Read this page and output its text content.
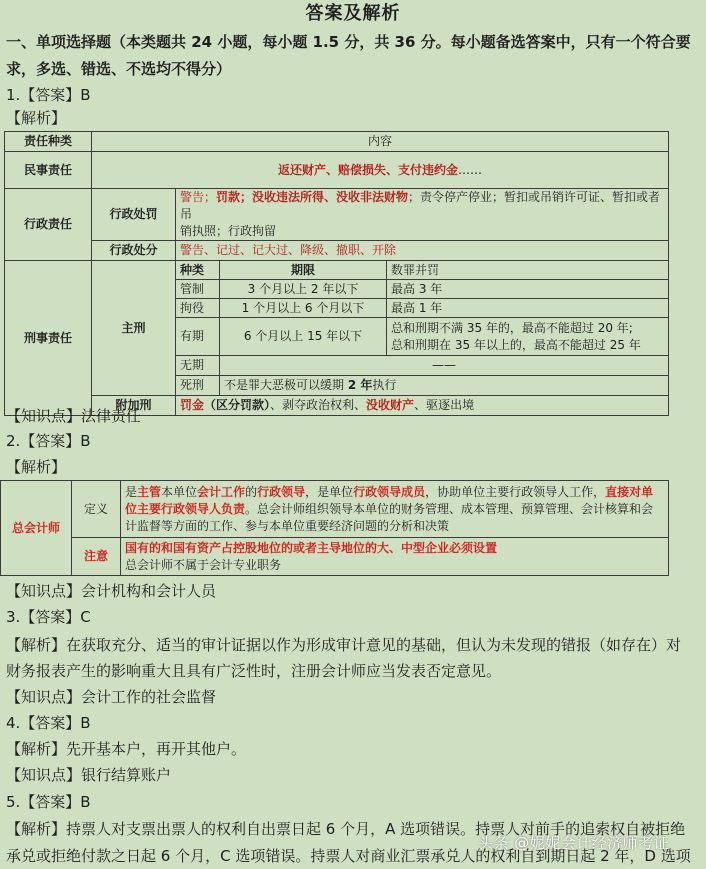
答案及解析
一、单项选择题（本类题共 24 小题，每小题 1.5 分，共 36 分。每小题备选答案中，只有一个符合要
求，多选、错选、不选均不得分）
1.【答案】B
【解析】
责任种类	内容			
民事责任	返还财产、赔偿损失、支付违约金……			
行政责任	行政处罚	警告；罚款；没收违法所得、没收非法财物；责令停产停业；暂扣或吊销许可证、暂扣或者吊
销执照；行政拘留		
	行政处分	警告、记过、记大过、降级、撤职、开除		
刑事责任	主刑	种类	期限	数罪并罚
		管制	3 个月以上 2 年以下	最高 3 年
		拘役	1 个月以上 6 个月以下	最高 1 年
		有期	6 个月以上 15 年以下	总和刑期不满 35 年的，最高不能超过 20 年;
总和刑期在 35 年以上的，最高不能超过 25 年
		无期	——	
		死刑	不是罪大恶极可以缓期 2 年执行	

	附加刑	罚金（区分罚款）、剥夺政治权利、没收财产、驱逐出境		
【知识点】法律责任
2.【答案】B
【解析】
总会计师	定义	是主管本单位会计工作的行政领导，是单位行政领导成员，协助单位主要行政领导人工作，直接对单
位主要行政领导人负责。总会计师组织领导本单位的财务管理、成本管理、预算管理、会计核算和会
计监督等方面的工作、参与本单位重要经济问题的分析和决策
	注意	国有的和国有资产占控股地位的或者主导地位的大、中型企业必须设置
总会计师不属于会计专业职务
【知识点】会计机构和会计人员
3.【答案】C
【解析】在获取充分、适当的审计证据以作为形成审计意见的基础，但认为未发现的错报（如存在）对
财务报表产生的影响重大且具有广泛性时，注册会计师应当发表否定意见。
【知识点】会计工作的社会监督
4.【答案】B
【解析】先开基本户，再开其他户。
【知识点】银行结算账户
5.【答案】B
【解析】持票人对支票出票人的权利自出票日起 6 个月，A 选项错误。持票人对前手的追索权自被拒绝
承兑或拒绝付款之日起 6 个月，C 选项错误。持票人对商业汇票承兑人的权利自到期日起 2 年，D 选项
头条 @妮妮会计经济师考证
